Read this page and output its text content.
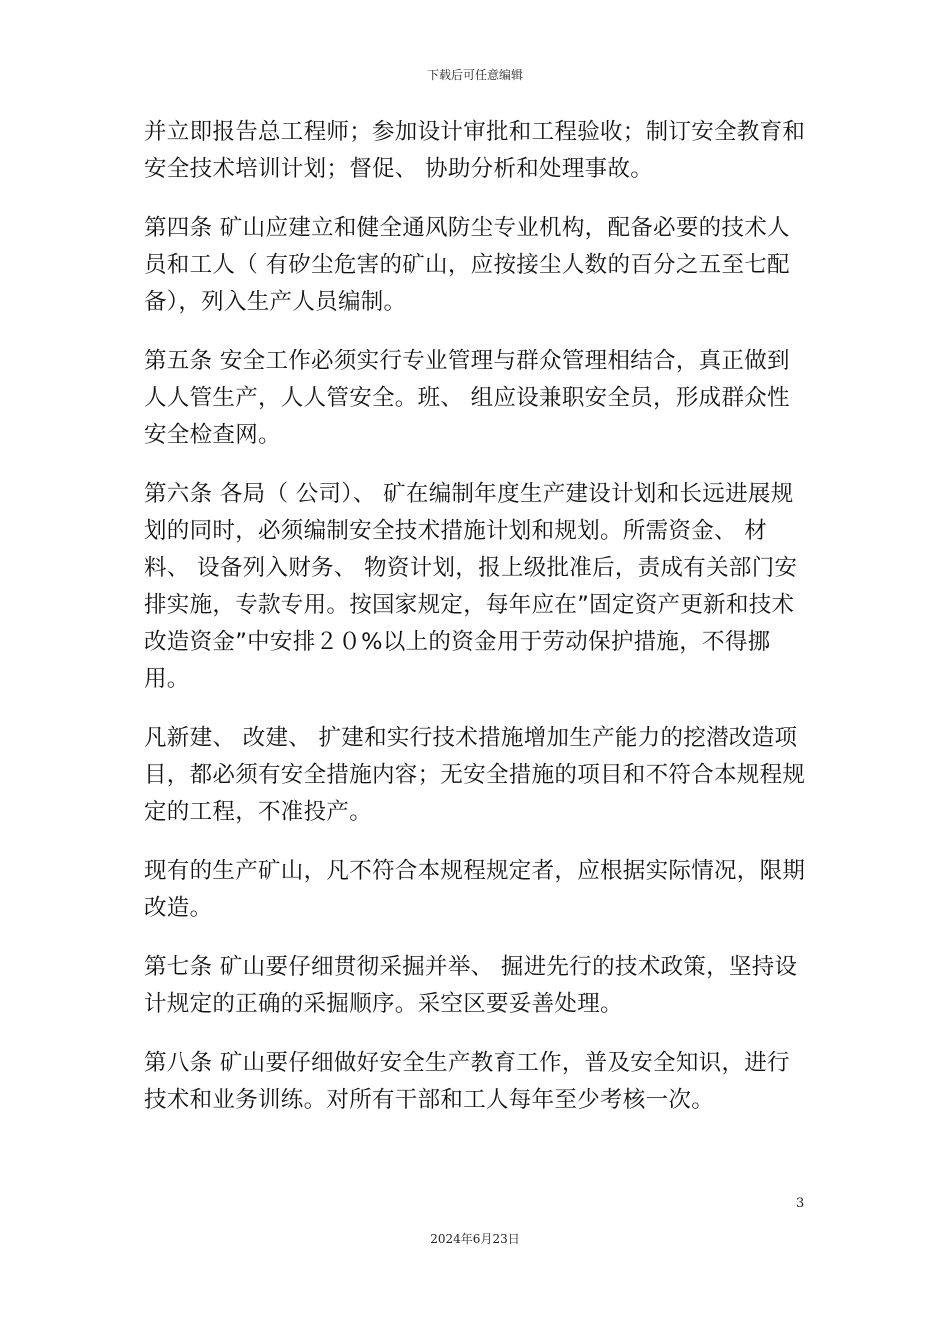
下载后可任意编辑

并立即报告总工程师；参加设计审批和工程验收；制订安全教育和安全技术培训计划；督促、 协助分析和处理事故。

第四条 矿山应建立和健全通风防尘专业机构，配备必要的技术人员和工人（ 有矽尘危害的矿山，应按接尘人数的百分之五至七配备），列入生产人员编制。

第五条 安全工作必须实行专业管理与群众管理相结合，真正做到人人管生产，人人管安全。班、 组应设兼职安全员，形成群众性安全检查网。

第六条 各局（ 公司）、 矿在编制年度生产建设计划和长远进展规划的同时，必须编制安全技术措施计划和规划。所需资金、 材料、 设备列入财务、 物资计划，报上级批准后，责成有关部门安排实施，专款专用。按国家规定，每年应在”固定资产更新和技术改造资金”中安排２０%以上的资金用于劳动保护措施，不得挪用。

凡新建、 改建、 扩建和实行技术措施增加生产能力的挖潜改造项目，都必须有安全措施内容；无安全措施的项目和不符合本规程规定的工程，不准投产。

现有的生产矿山，凡不符合本规程规定者，应根据实际情况，限期改造。

第七条 矿山要仔细贯彻采掘并举、 掘进先行的技术政策，坚持设计规定的正确的采掘顺序。采空区要妥善处理。

第八条 矿山要仔细做好安全生产教育工作，普及安全知识，进行技术和业务训练。对所有干部和工人每年至少考核一次。

3
2024年6月23日
